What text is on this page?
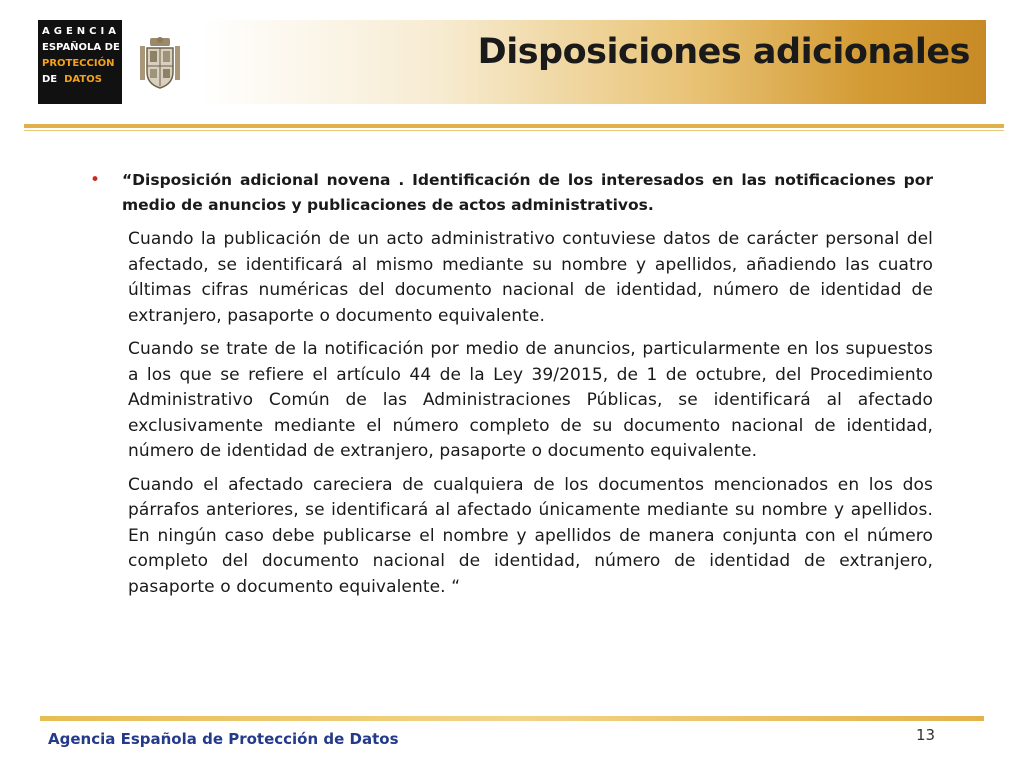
AGENCIA
ESPAÑOLA DE
PROTECCIÓN
DE DATOS
Disposiciones adicionales
• “Disposición adicional novena . Identificación de los interesados en las notificaciones por medio de anuncios y publicaciones de actos administrativos.

Cuando la publicación de un acto administrativo contuviese datos de carácter personal del afectado, se identificará al mismo mediante su nombre y apellidos, añadiendo las cuatro últimas cifras numéricas del documento nacional de identidad, número de identidad de extranjero, pasaporte o documento equivalente.

Cuando se trate de la notificación por medio de anuncios, particularmente en los supuestos a los que se refiere el artículo 44 de la Ley 39/2015, de 1 de octubre, del Procedimiento Administrativo Común de las Administraciones Públicas, se identificará al afectado exclusivamente mediante el número completo de su documento nacional de identidad, número de identidad de extranjero, pasaporte o documento equivalente.

Cuando el afectado careciera de cualquiera de los documentos mencionados en los dos párrafos anteriores, se identificará al afectado únicamente mediante su nombre y apellidos. En ningún caso debe publicarse el nombre y apellidos de manera conjunta con el número completo del documento nacional de identidad, número de identidad de extranjero, pasaporte o documento equivalente. “

Agencia Española de Protección de Datos	13
